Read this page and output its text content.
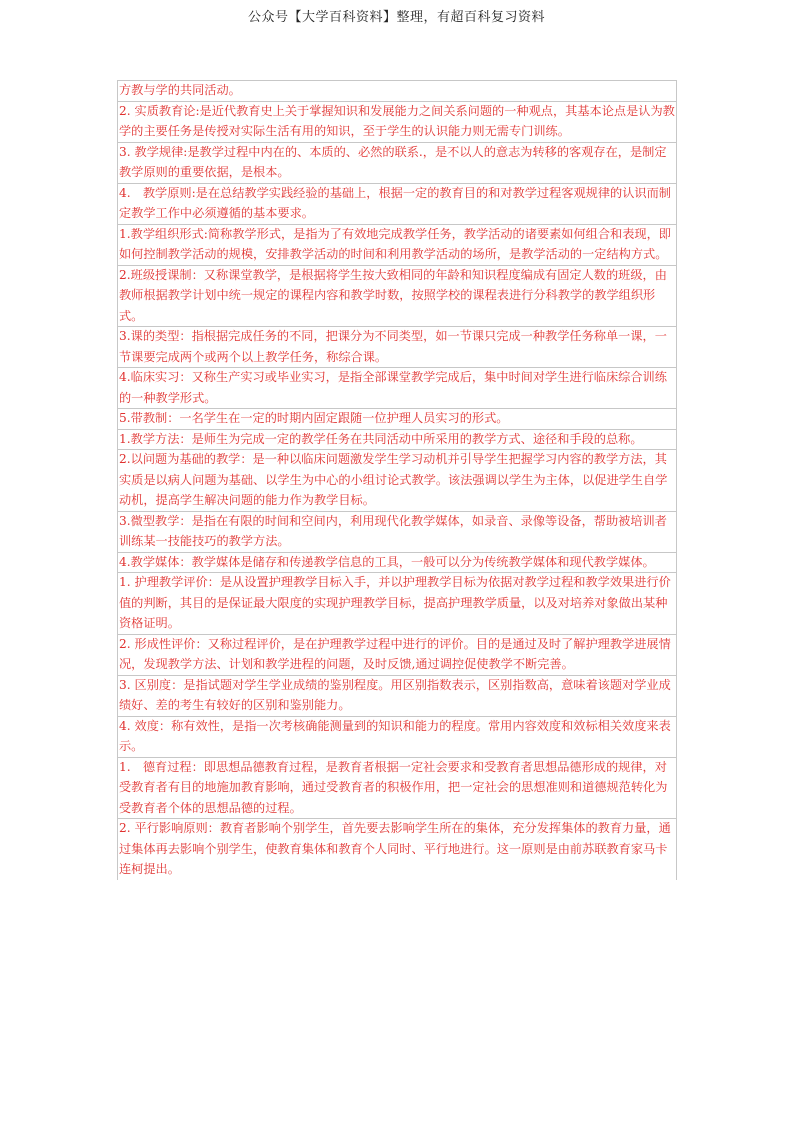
公众号【大学百科资料】整理，有超百科复习资料
方教与学的共同活动。
2. 实质教育论:是近代教育史上关于掌握知识和发展能力之间关系问题的一种观点，其基本论点是认为教学的主要任务是传授对实际生活有用的知识，至于学生的认识能力则无需专门训练。
3. 教学规律:是教学过程中内在的、本质的、必然的联系.，是不以人的意志为转移的客观存在，是制定教学原则的重要依据，是根本。
4.　教学原则:是在总结教学实践经验的基础上，根据一定的教育目的和对教学过程客观规律的认识而制定教学工作中必须遵循的基本要求。
1.教学组织形式:简称教学形式，是指为了有效地完成教学任务，教学活动的诸要素如何组合和表现，即如何控制教学活动的规模，安排教学活动的时间和利用教学活动的场所，是教学活动的一定结构方式。
2.班级授课制：又称课堂教学，是根据将学生按大致相同的年龄和知识程度编成有固定人数的班级，由教师根据教学计划中统一规定的课程内容和教学时数，按照学校的课程表进行分科教学的教学组织形式。
3.课的类型：指根据完成任务的不同，把课分为不同类型，如一节课只完成一种教学任务称单一课，一节课要完成两个或两个以上教学任务，称综合课。
4.临床实习：又称生产实习或毕业实习，是指全部课堂教学完成后，集中时间对学生进行临床综合训练的一种教学形式。
5.带教制：一名学生在一定的时期内固定跟随一位护理人员实习的形式。
1.教学方法：是师生为完成一定的教学任务在共同活动中所采用的教学方式、途径和手段的总称。
2.以问题为基础的教学：是一种以临床问题激发学生学习动机并引导学生把握学习内容的教学方法，其实质是以病人问题为基础、以学生为中心的小组讨论式教学。该法强调以学生为主体，以促进学生自学动机，提高学生解决问题的能力作为教学目标。
3.微型教学：是指在有限的时间和空间内，利用现代化教学媒体，如录音、录像等设备，帮助被培训者训练某一技能技巧的教学方法。
4.教学媒体：教学媒体是储存和传递教学信息的工具，一般可以分为传统教学媒体和现代教学媒体。
1. 护理教学评价：是从设置护理教学目标入手，并以护理教学目标为依据对教学过程和教学效果进行价值的判断，其目的是保证最大限度的实现护理教学目标，提高护理教学质量，以及对培养对象做出某种资格证明。
2. 形成性评价：又称过程评价，是在护理教学过程中进行的评价。目的是通过及时了解护理教学进展情况，发现教学方法、计划和教学进程的问题，及时反馈,通过调控促使教学不断完善。
3. 区别度：是指试题对学生学业成绩的鉴别程度。用区别指数表示，区别指数高，意味着该题对学业成绩好、差的考生有较好的区别和鉴别能力。
4. 效度：称有效性，是指一次考核确能测量到的知识和能力的程度。常用内容效度和效标相关效度来表示。
1.　德育过程：即思想品德教育过程，是教育者根据一定社会要求和受教育者思想品德形成的规律，对受教育者有目的地施加教育影响，通过受教育者的积极作用，把一定社会的思想准则和道德规范转化为受教育者个体的思想品德的过程。
2. 平行影响原则：教育者影响个别学生，首先要去影响学生所在的集体，充分发挥集体的教育力量，通过集体再去影响个别学生，使教育集体和教育个人同时、平行地进行。这一原则是由前苏联教育家马卡连柯提出。
